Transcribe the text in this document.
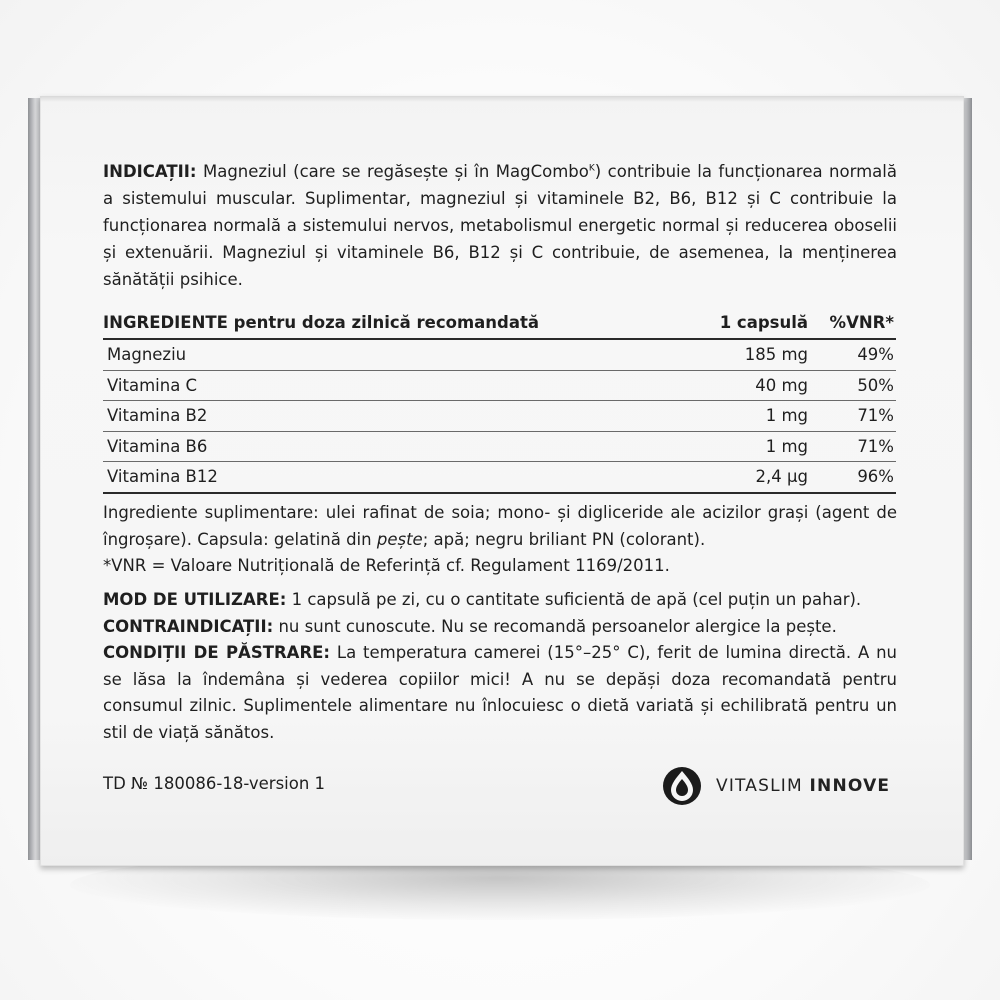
INDICAȚII: Magneziul (care se regăsește și în MagCombo$^K$) contribuie la funcționarea normală a sistemului muscular. Suplimentar, magneziul și vitaminele B2, B6, B12 și C contribuie la funcționarea normală a sistemului nervos, metabolismul energetic normal și reducerea oboselii și extenuării. Magneziul și vitaminele B6, B12 și C contribuie, de asemenea, la menținerea sănătății psihice.

INGREDIENTE pentru doza zilnică recomandată	1 capsulă	%VNR*
Magneziu	185 mg	49%
Vitamina C	40 mg	50%
Vitamina B2	1 mg	71%
Vitamina B6	1 mg	71%
Vitamina B12	2,4 µg	96%

Ingrediente suplimentare: ulei rafinat de soia; mono- și digliceride ale acizilor grași (agent de îngroșare). Capsula: gelatină din pește; apă; negru briliant PN (colorant).
*VNR = Valoare Nutrițională de Referință cf. Regulament 1169/2011.

MOD DE UTILIZARE: 1 capsulă pe zi, cu o cantitate suficientă de apă (cel puțin un pahar).
CONTRAINDICAȚII: nu sunt cunoscute. Nu se recomandă persoanelor alergice la pește.
CONDIȚII DE PĂSTRARE: La temperatura camerei (15°–25° C), ferit de lumina directă. A nu se lăsa la îndemâna și vederea copiilor mici! A nu se depăși doza recomandată pentru consumul zilnic. Suplimentele alimentare nu înlocuiesc o dietă variată și echilibrată pentru un stil de viață sănătos.

TD № 180086-18-version 1	VITASLIM INNOVE
